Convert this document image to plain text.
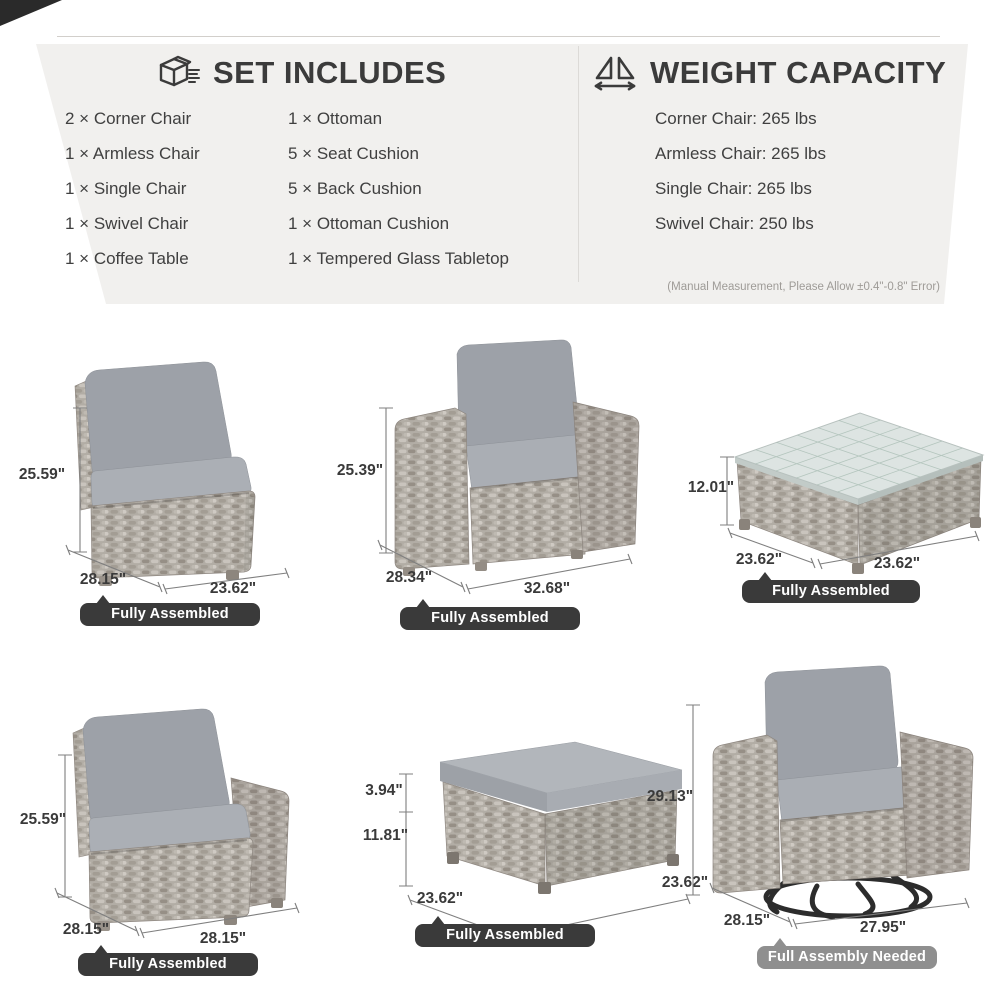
SET INCLUDES
2 × Corner Chair
1 × Armless Chair
1 × Single Chair
1 × Swivel Chair
1 × Coffee Table
1 × Ottoman
5 × Seat Cushion
5 × Back Cushion
1 × Ottoman Cushion
1 × Tempered Glass Tabletop
WEIGHT CAPACITY
Corner Chair: 265 lbs
Armless Chair: 265 lbs
Single Chair: 265 lbs
Swivel Chair: 250 lbs
(Manual Measurement, Please Allow ±0.4"-0.8" Error)
25.59"
28.15"
23.62"
Fully Assembled
25.39"
28.34"
32.68"
Fully Assembled
12.01"
23.62"	23.62"
Fully Assembled
25.59"
28.15"
28.15"
Fully Assembled
3.94"
11.81"
23.62"
23.62"
Fully Assembled
29.13"
28.15"	27.95"
Full Assembly Needed
